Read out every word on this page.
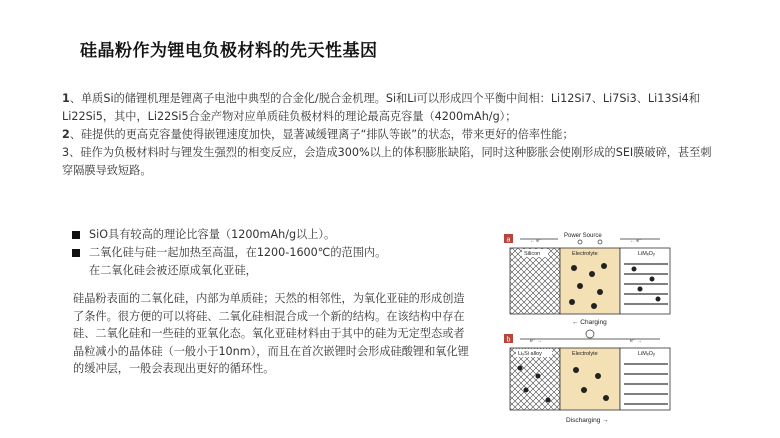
硅晶粉作为锂电负极材料的先天性基因

1、单质Si的储锂机理是锂离子电池中典型的合金化/脱合金机理。Si和Li可以形成四个平衡中间相：Li12Si7、Li7Si3、Li13Si4和Li22Si5，其中，Li22Si5合金产物对应单质硅负极材料的理论最高克容量（4200mAh/g）；

2、硅提供的更高克容量使得嵌锂速度加快，显著减缓锂离子“排队等嵌”的状态，带来更好的倍率性能；

3、硅作为负极材料时与锂发生强烈的相变反应，会造成300%以上的体积膨胀缺陷，同时这种膨胀会使刚形成的SEI膜破碎，甚至刺穿隔膜导致短路。

SiO具有较高的理论比容量（1200mAh/g以上）。
二氧化硅与硅一起加热至高温，在1200-1600℃的范围内。
在二氧化硅会被还原成氧化亚硅，
硅晶粉表面的二氧化硅，内部为单质硅；天然的相邻性，为氧化亚硅的形成创造了条件。很方便的可以将硅、二氧化硅相混合成一个新的结构。在该结构中存在硅、二氧化硅和一些硅的亚氧化态。氧化亚硅材料由于其中的硅为无定型态或者晶粒减小的晶体硅（一般小于10nm），而且在首次嵌锂时会形成硅酸锂和氧化锂的缓冲层，一般会表现出更好的循环性。
a
Power Source
← e⁻	← e⁻
Silicon	Electrolyte	LiMₓOᵧ
← Charging
b	e⁻ →	e⁻ →
LiₓSi alloy	Electrolyte	LiMₓOᵧ
Discharging →
